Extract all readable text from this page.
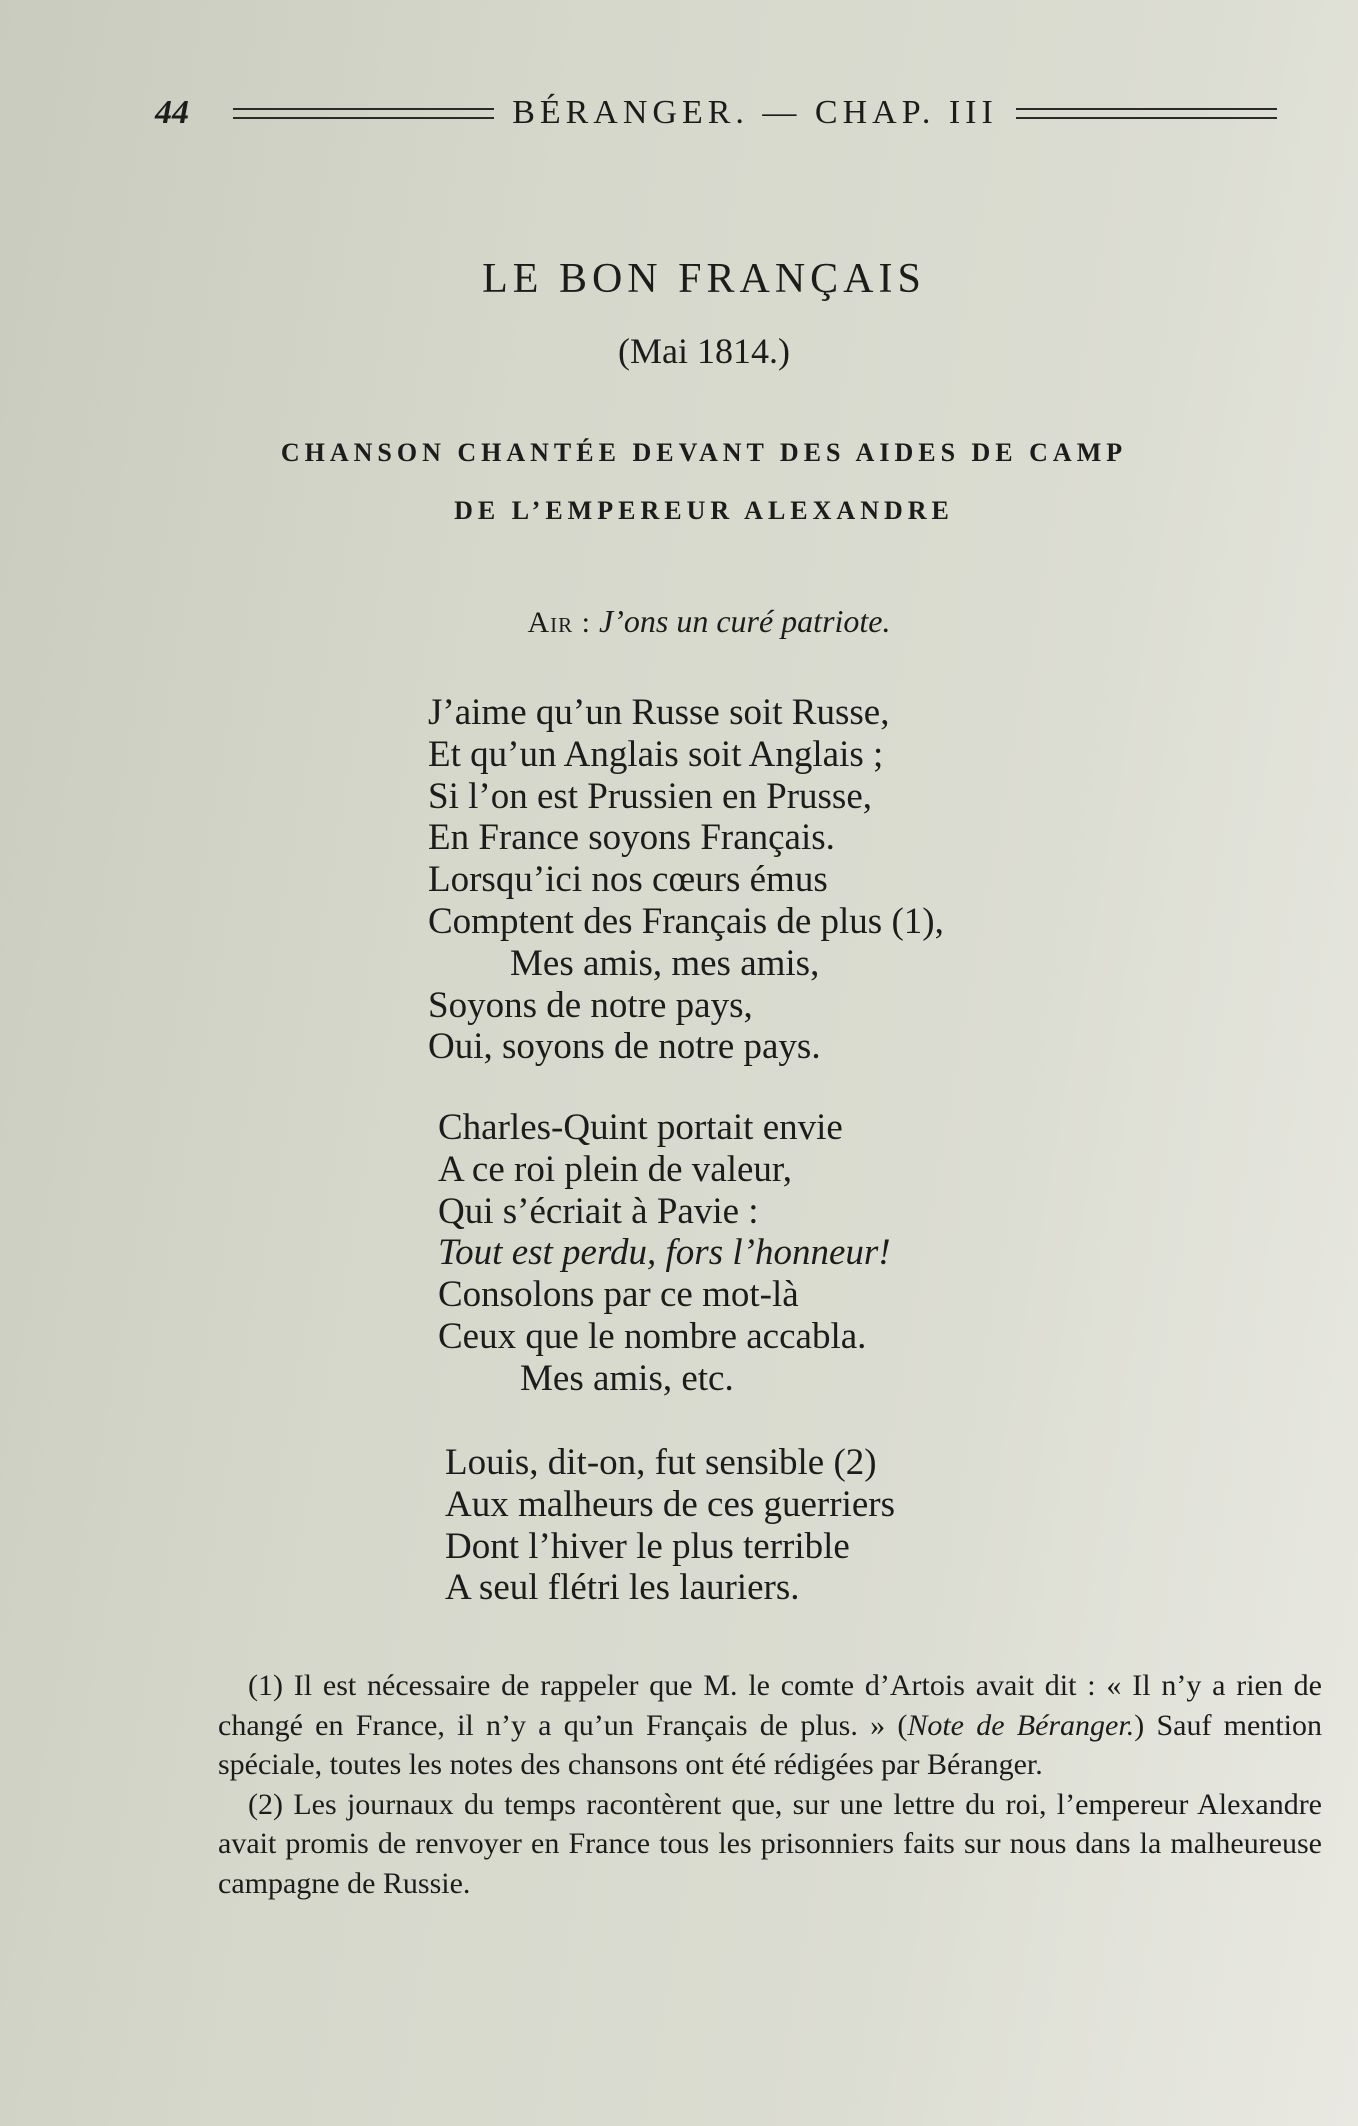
44	BÉRANGER. — CHAP. III
LE BON FRANÇAIS
(Mai 1814.)
CHANSON CHANTÉE DEVANT DES AIDES DE CAMP
DE L’EMPEREUR ALEXANDRE
Air : J’ons un curé patriote.
J’aime qu’un Russe soit Russe,
Et qu’un Anglais soit Anglais ;
Si l’on est Prussien en Prusse,
En France soyons Français.
Lorsqu’ici nos cœurs émus
Comptent des Français de plus (1),
Mes amis, mes amis,
Soyons de notre pays,
Oui, soyons de notre pays.
Charles-Quint portait envie
A ce roi plein de valeur,
Qui s’écriait à Pavie :
Tout est perdu, fors l’honneur!
Consolons par ce mot-là
Ceux que le nombre accabla.
Mes amis, etc.
Louis, dit-on, fut sensible (2)
Aux malheurs de ces guerriers
Dont l’hiver le plus terrible
A seul flétri les lauriers.

(1) Il est nécessaire de rappeler que M. le comte d’Artois avait dit : « Il n’y a rien de changé en France, il n’y a qu’un Français de plus. » (Note de Béranger.) Sauf mention spéciale, toutes les notes des chansons ont été rédigées par Béranger.

(2) Les journaux du temps racontèrent que, sur une lettre du roi, l’empereur Alexandre avait promis de renvoyer en France tous les prisonniers faits sur nous dans la malheureuse campagne de Russie.
